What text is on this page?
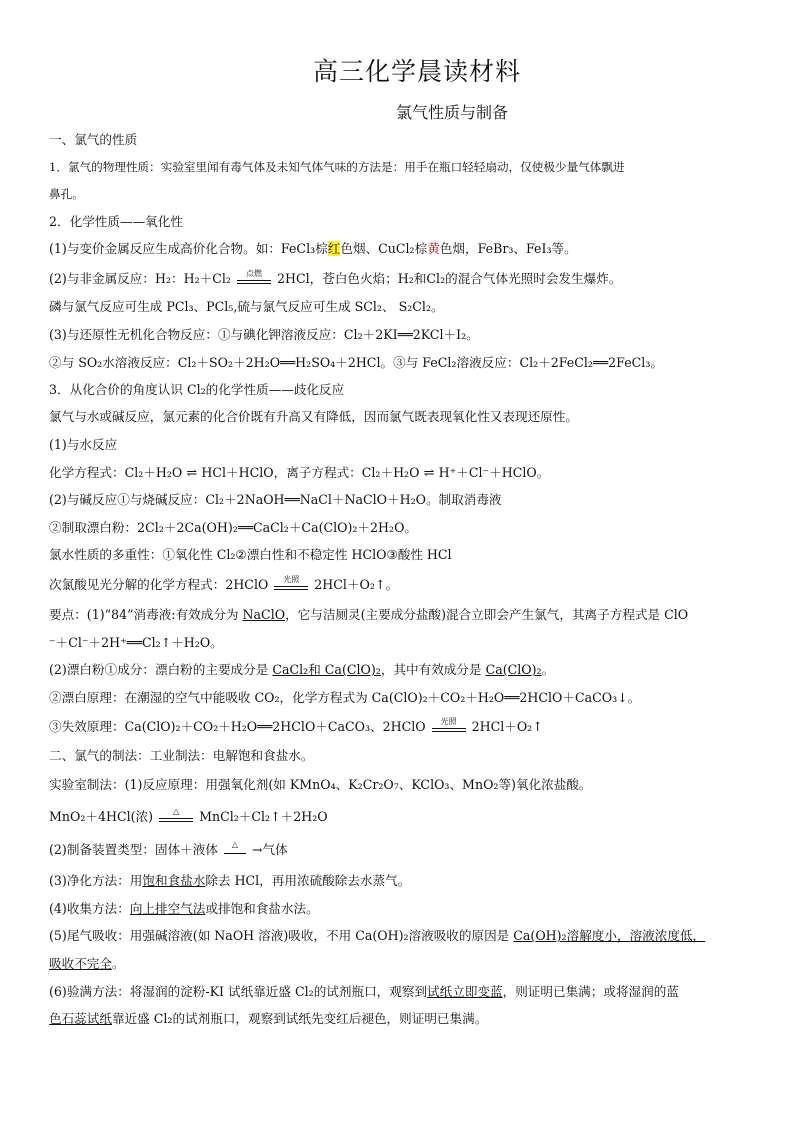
高三化学晨读材料
氯气性质与制备
一、氯气的性质
1．氯气的物理性质：实验室里闻有毒气体及未知气体气味的方法是：用手在瓶口轻轻扇动，仅使极少量气体飘进
鼻孔。
2．化学性质——氧化性
(1)与变价金属反应生成高价化合物。如：FeCl₃棕红色烟、CuCl₂棕黄色烟，FeBr₃、FeI₃等。
(2)与非金属反应：H₂：H₂＋Cl₂	点燃	2HCl，苍白色火焰；H₂和Cl₂的混合气体光照时会发生爆炸。
磷与氯气反应可生成 PCl₃、PCl₅,硫与氯气反应可生成 SCl₂、 S₂Cl₂。
(3)与还原性无机化合物反应：①与碘化钾溶液反应：Cl₂＋2KI══2KCl＋I₂。
②与 SO₂水溶液反应：Cl₂＋SO₂＋2H₂O══H₂SO₄＋2HCl。③与 FeCl₂溶液反应：Cl₂＋2FeCl₂══2FeCl₃。
3．从化合价的角度认识 Cl₂的化学性质——歧化反应
氯气与水或碱反应，氯元素的化合价既有升高又有降低，因而氯气既表现氧化性又表现还原性。
(1)与水反应
化学方程式：Cl₂＋H₂O ⇌ HCl＋HClO，离子方程式：Cl₂＋H₂O ⇌ H⁺＋Cl⁻＋HClO。
(2)与碱反应①与烧碱反应：Cl₂＋2NaOH══NaCl＋NaClO＋H₂O。制取消毒液
②制取漂白粉：2Cl₂＋2Ca(OH)₂══CaCl₂＋Ca(ClO)₂＋2H₂O。
氯水性质的多重性：①氧化性 Cl₂②漂白性和不稳定性 HClO③酸性 HCl
次氯酸见光分解的化学方程式：2HClO	光照	2HCl＋O₂↑。
要点：(1)“84”消毒液:有效成分为 NaClO，它与洁厕灵(主要成分盐酸)混合立即会产生氯气，其离子方程式是 ClO
⁻＋Cl⁻＋2H⁺══Cl₂↑＋H₂O。
(2)漂白粉①成分：漂白粉的主要成分是 CaCl₂和 Ca(ClO)₂，其中有效成分是 Ca(ClO)₂。
②漂白原理：在潮湿的空气中能吸收 CO₂，化学方程式为 Ca(ClO)₂＋CO₂＋H₂O══2HClO＋CaCO₃↓。
③失效原理：Ca(ClO)₂＋CO₂＋H₂O══2HClO＋CaCO₃、2HClO	光照	2HCl＋O₂↑
二、氯气的制法：工业制法：电解饱和食盐水。
实验室制法：(1)反应原理：用强氧化剂(如 KMnO₄、K₂Cr₂O₇、KClO₃、MnO₂等)氧化浓盐酸。
MnO₂＋4HCl(浓)	△	MnCl₂＋Cl₂↑＋2H₂O
(2)制备装置类型：固体＋液体	△	→气体
(3)净化方法：用饱和食盐水除去 HCl，再用浓硫酸除去水蒸气。
(4)收集方法：向上排空气法或排饱和食盐水法。
(5)尾气吸收：用强碱溶液(如 NaOH 溶液)吸收，不用 Ca(OH)₂溶液吸收的原因是 Ca(OH)₂溶解度小，溶液浓度低，
吸收不完全。
(6)验满方法：将湿润的淀粉-KI 试纸靠近盛 Cl₂的试剂瓶口，观察到试纸立即变蓝，则证明已集满；或将湿润的蓝
色石蕊试纸靠近盛 Cl₂的试剂瓶口，观察到试纸先变红后褪色，则证明已集满。
